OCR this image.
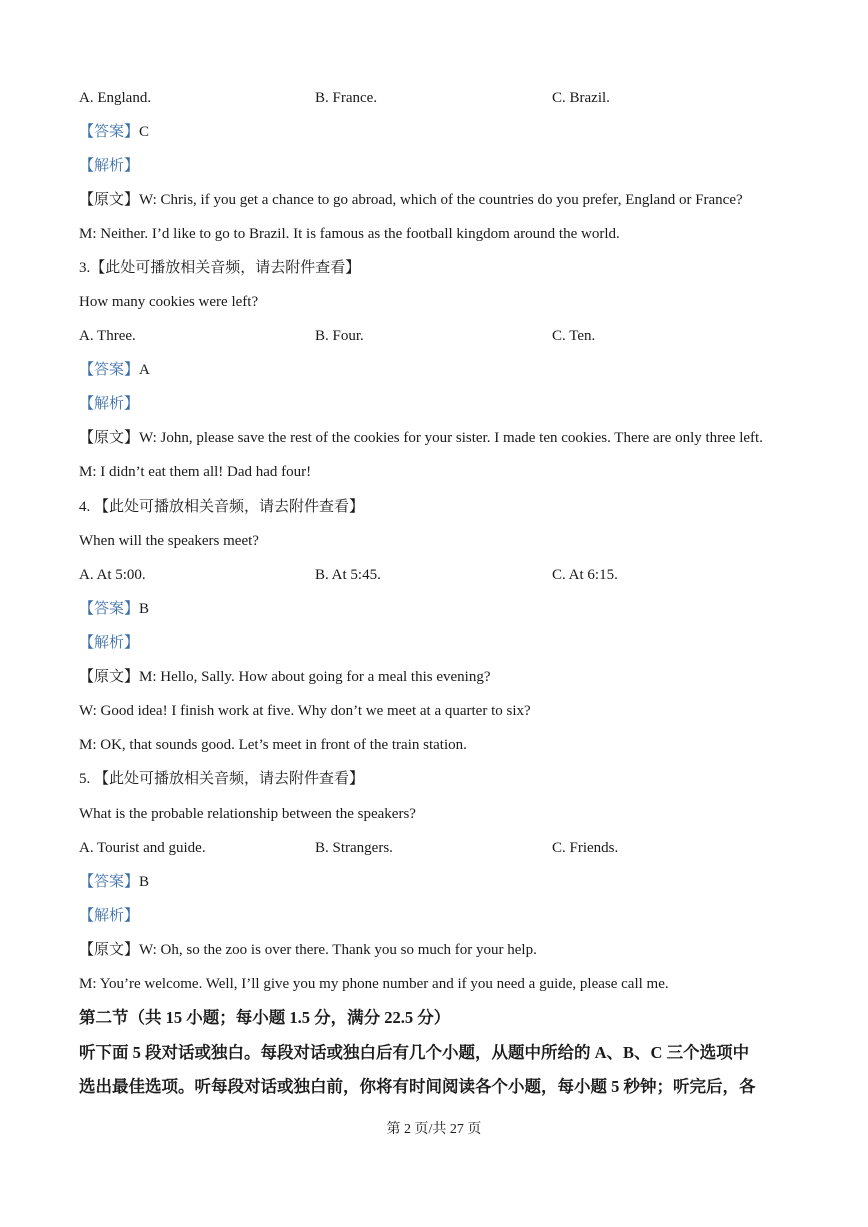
A. England.	B. France.	C. Brazil.
【答案】C
【解析】
【原文】W: Chris, if you get a chance to go abroad, which of the countries do you prefer, England or France?
M: Neither. I’d like to go to Brazil. It is famous as the football kingdom around the world.
3.【此处可播放相关音频，请去附件查看】
How many cookies were left?
A. Three.	B. Four.	C. Ten.
【答案】A
【解析】
【原文】W: John, please save the rest of the cookies for your sister. I made ten cookies. There are only three left.
M: I didn’t eat them all! Dad had four!
4. 【此处可播放相关音频，请去附件查看】
When will the speakers meet?
A. At 5:00.	B. At 5:45.	C. At 6:15.
【答案】B
【解析】
【原文】M: Hello, Sally. How about going for a meal this evening?
W: Good idea! I finish work at five. Why don’t we meet at a quarter to six?
M: OK, that sounds good. Let’s meet in front of the train station.
5. 【此处可播放相关音频，请去附件查看】
What is the probable relationship between the speakers?
A. Tourist and guide.	B. Strangers.	C. Friends.
【答案】B
【解析】
【原文】W: Oh, so the zoo is over there. Thank you so much for your help.
M: You’re welcome. Well, I’ll give you my phone number and if you need a guide, please call me.
第二节（共 15 小题；每小题 1.5 分，满分 22.5 分）
听下面 5 段对话或独白。每段对话或独白后有几个小题，从题中所给的 A、B、C 三个选项中
选出最佳选项。听每段对话或独白前，你将有时间阅读各个小题，每小题 5 秒钟；听完后，各
第 2 页/共 27 页
